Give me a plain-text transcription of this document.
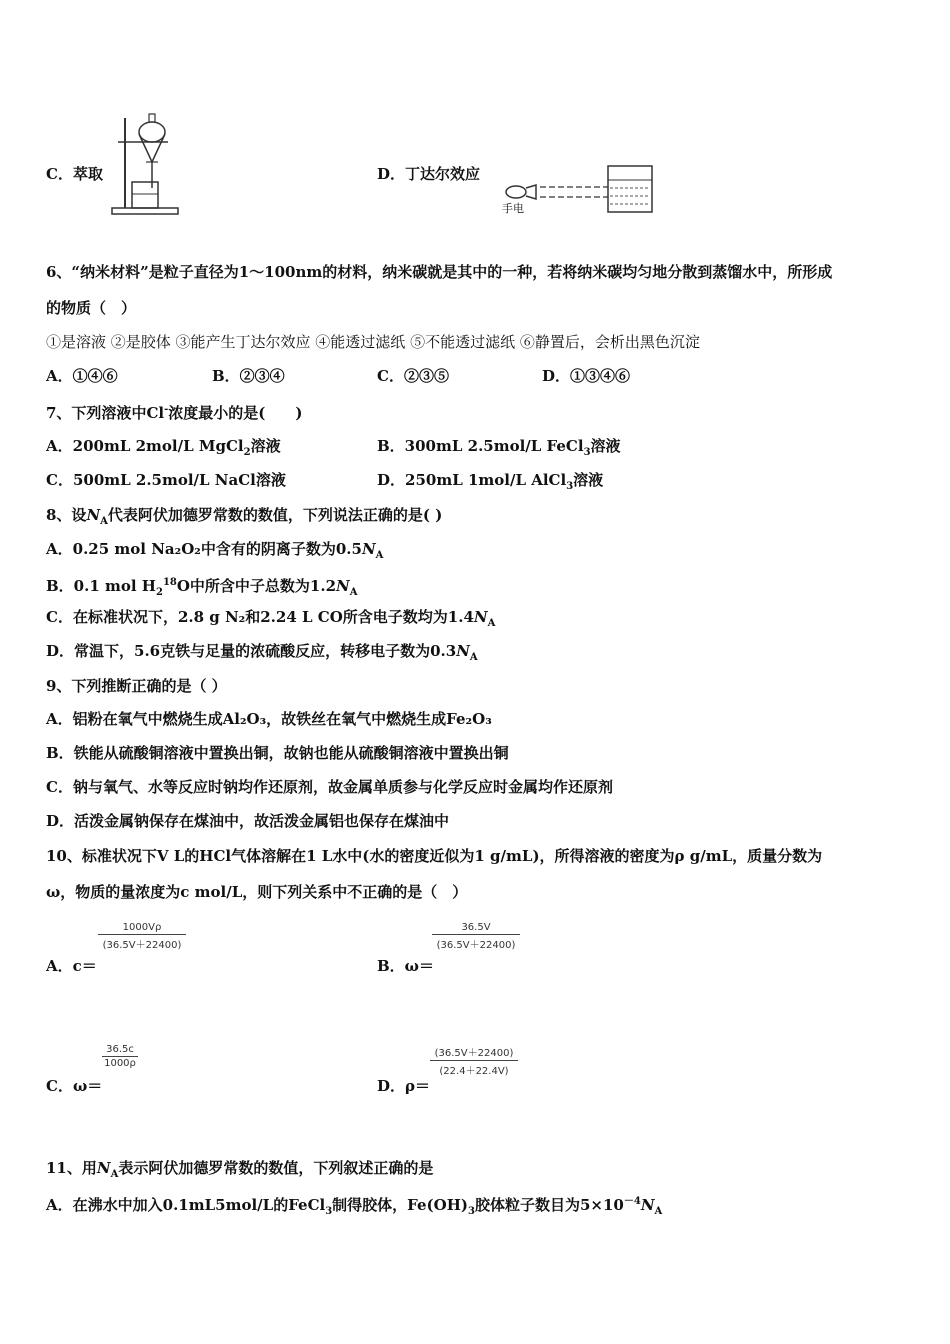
C．萃取	D．丁达尔效应
手电
6、“纳米材料”是粒子直径为1～100nm的材料，纳米碳就是其中的一种，若将纳米碳均匀地分散到蒸馏水中，所形成
的物质（　）
①是溶液 ②是胶体 ③能产生丁达尔效应 ④能透过滤纸 ⑤不能透过滤纸 ⑥静置后，会析出黑色沉淀
A．①④⑥	B．②③④	C．②③⑤	D．①③④⑥
7、下列溶液中Cl-浓度最小的是(　　)
A．200mL 2mol/L MgCl$_2$溶液	B．300mL 2.5mol/L FeCl$_3$溶液
C．500mL 2.5mol/L NaCl溶液	D．250mL 1mol/L AlCl$_3$溶液
8、设$N_A$代表阿伏加德罗常数的数值，下列说法正确的是( )
A．0.25 mol Na₂O₂中含有的阴离子数为$0.5N_A$
B．0.1 mol $H_2^{18}O$中所含中子总数为$1.2N_A$
C．在标准状况下，2.8 g N₂和2.24 L CO所含电子数均为$1.4N_A$
D．常温下，5.6克铁与足量的浓硫酸反应，转移电子数为$0.3N_A$
9、下列推断正确的是（ ）
A．铝粉在氧气中燃烧生成Al₂O₃，故铁丝在氧气中燃烧生成Fe₂O₃
B．铁能从硫酸铜溶液中置换出铜，故钠也能从硫酸铜溶液中置换出铜
C．钠与氧气、水等反应时钠均作还原剂，故金属单质参与化学反应时金属均作还原剂
D．活泼金属钠保存在煤油中，故活泼金属铝也保存在煤油中
10、标准状况下V L的HCl气体溶解在1 L水中(水的密度近似为1 g/mL)，所得溶液的密度为ρ g/mL，质量分数为
ω，物质的量浓度为c mol/L，则下列关系中不正确的是（　）
$\frac{1000V\rho}{(36.5V+22400)}$
A．c＝
$\frac{36.5V}{(36.5V+22400)}$
B．ω＝
$\frac{36.5c}{1000\rho}$
C．ω＝
$\frac{(36.5V+22400)}{(22.4+22.4V)}$
D．ρ＝
11、用$N_A$表示阿伏加德罗常数的数值，下列叙述正确的是
A．在沸水中加入0.1mL5mol/L的FeCl$_3$制得胶体，$Fe(OH)_3$胶体粒子数目为$5\times 10^{-4}N_A$
